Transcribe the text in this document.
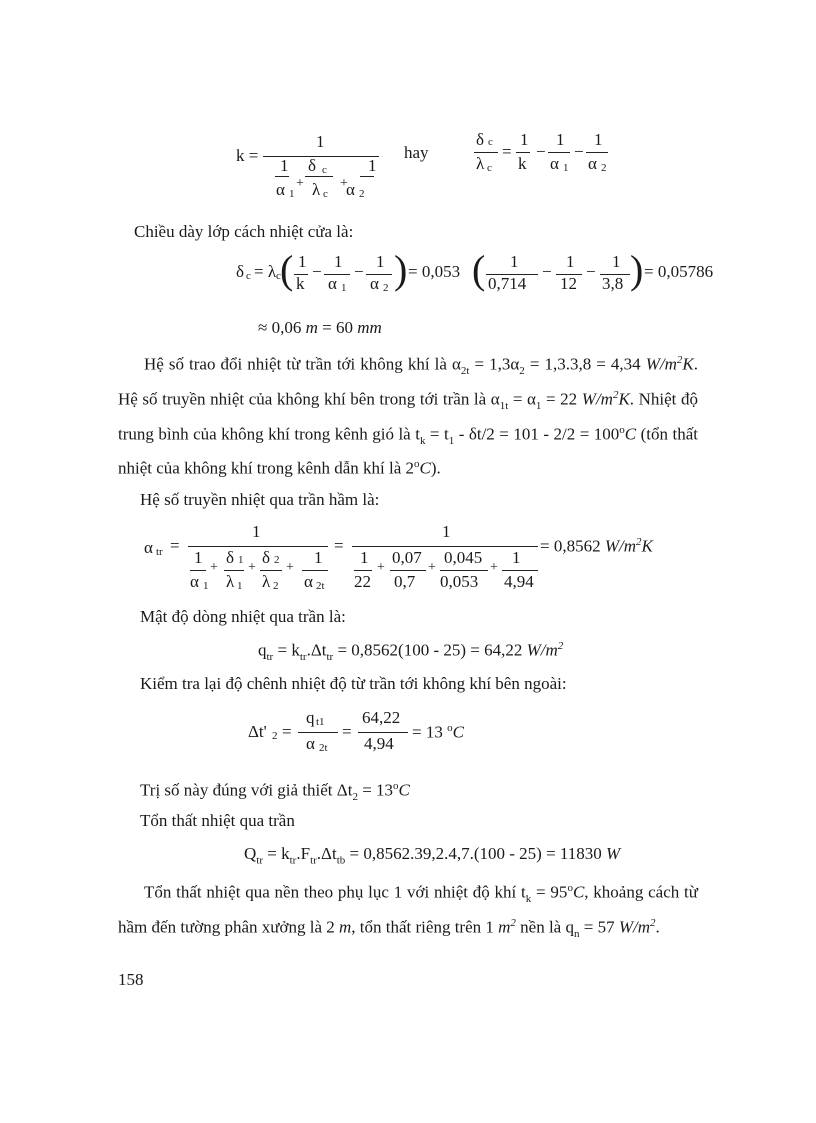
k =
1
1 δ c 1
+	+
α 1 λ c α 2
hay
δ c
λ c
=
1
k
−
1
α 1
−
1
α 2
Chiều dày lớp cách nhiệt cửa là:
δ c = λ c ( 1
k
−
1
α 1
−
1
α 2 ) = 0,053 ( 1
0,714
−
1
12
−
1
3,8 ) = 0,05786
≈ 0,06 m = 60 mm
Hệ số trao đổi nhiệt từ trần tới không khí là $\alpha_{2t} = 1,3\alpha_2 = 1,3.3,8 = 4,34$ $W/m^2K$. Hệ số truyền nhiệt của không khí bên trong tới trần là $\alpha_{1t} = \alpha_1 = 22$ $W/m^2K$. Nhiệt độ trung bình của không khí trong kênh gió là $t_k = t_1 - \delta t/2 = 101 - 2/2 = 100^oC$ (tổn thất nhiệt của không khí trong kênh dẫn khí là 2$^o$C).
Hệ số truyền nhiệt qua trần hầm là:
α tr =
1
1 δ 1 δ 2 1
+ + +
α 1 λ 1 λ 2 α 2t
=
1
1 0,07 0,045 1
+	+	+
22 0,7 0,053 4,94
= 0,8562 $W/m^2K$
Mật độ dòng nhiệt qua trần là:
$q_{tr} = k_{tr}.\Delta t_{tr} = 0,8562(100 - 25) = 64,22$ $W/m^2$
Kiểm tra lại độ chênh nhiệt độ từ trần tới không khí bên ngoài:
Δt' 2 =
q t1
α 2t
=
64,22
4,94
= 13 $^o$C
Trị số này đúng với giả thiết $\Delta t_2 = 13^oC$
Tổn thất nhiệt qua trần
$Q_{tr} = k_{tr}.F_{tr}.\Delta t_{tb} = 0,8562.39,2.4,7.(100 - 25) = 11830$ W
Tổn thất nhiệt qua nền theo phụ lục 1 với nhiệt độ khí $t_k = 95^oC$, khoảng cách từ hầm đến tường phân xưởng là 2 m, tổn thất riêng trên 1 $m^2$ nền là $q_n = 57$ $W/m^2$.
158
